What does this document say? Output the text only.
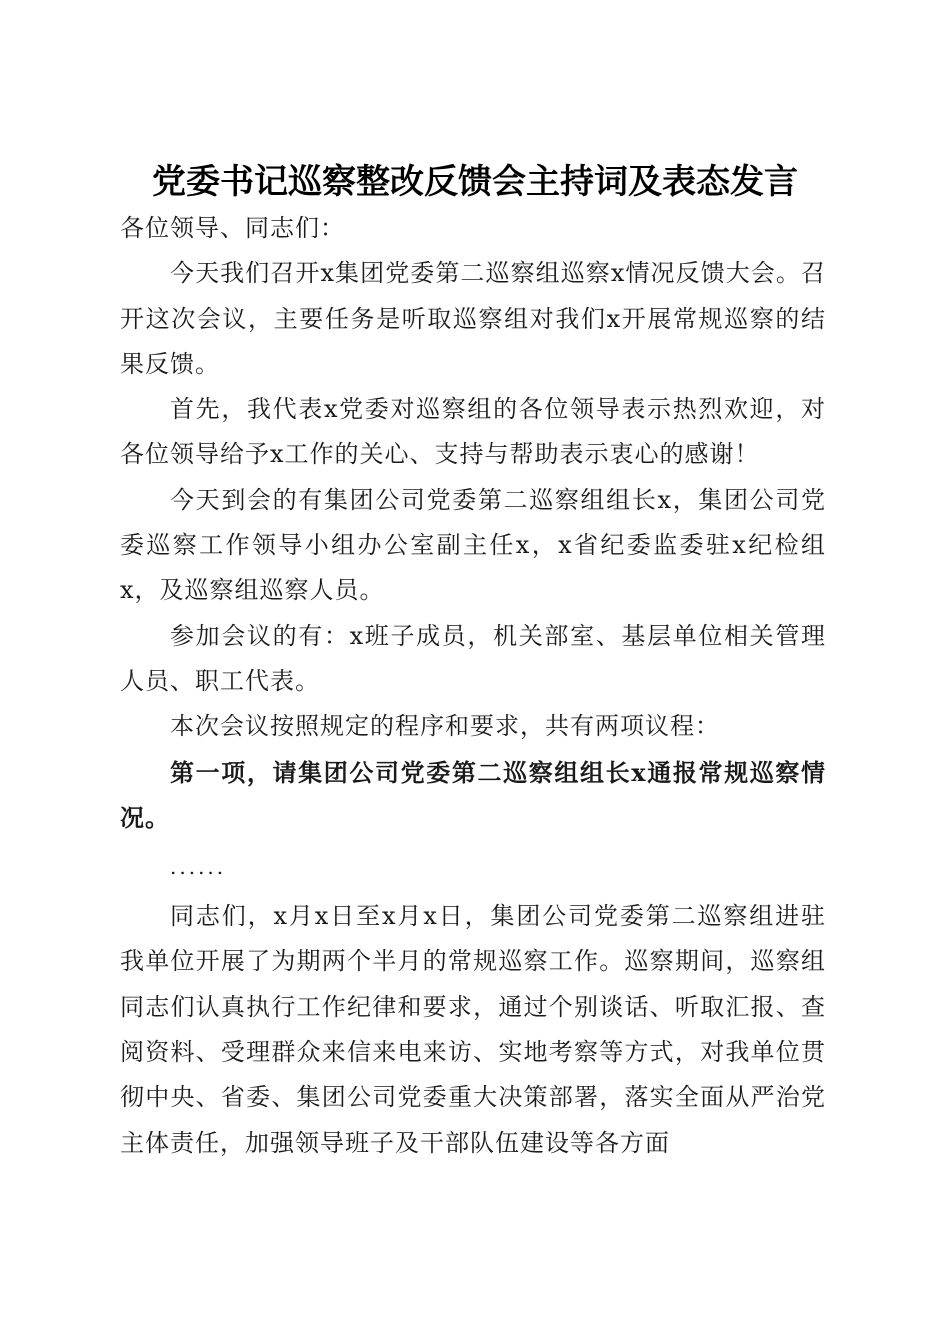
党委书记巡察整改反馈会主持词及表态发言

各位领导、同志们：

今天我们召开x集团党委第二巡察组巡察x情况反馈大会。召开这次会议，主要任务是听取巡察组对我们x开展常规巡察的结果反馈。

首先，我代表x党委对巡察组的各位领导表示热烈欢迎，对各位领导给予x工作的关心、支持与帮助表示衷心的感谢！

今天到会的有集团公司党委第二巡察组组长x，集团公司党委巡察工作领导小组办公室副主任x，x省纪委监委驻x纪检组x，及巡察组巡察人员。

参加会议的有：x班子成员，机关部室、基层单位相关管理人员、职工代表。

本次会议按照规定的程序和要求，共有两项议程：

第一项，请集团公司党委第二巡察组组长x通报常规巡察情况。

......

同志们，x月x日至x月x日，集团公司党委第二巡察组进驻我单位开展了为期两个半月的常规巡察工作。巡察期间，巡察组同志们认真执行工作纪律和要求，通过个别谈话、听取汇报、查阅资料、受理群众来信来电来访、实地考察等方式，对我单位贯彻中央、省委、集团公司党委重大决策部署，落实全面从严治党主体责任，加强领导班子及干部队伍建设等各方面
